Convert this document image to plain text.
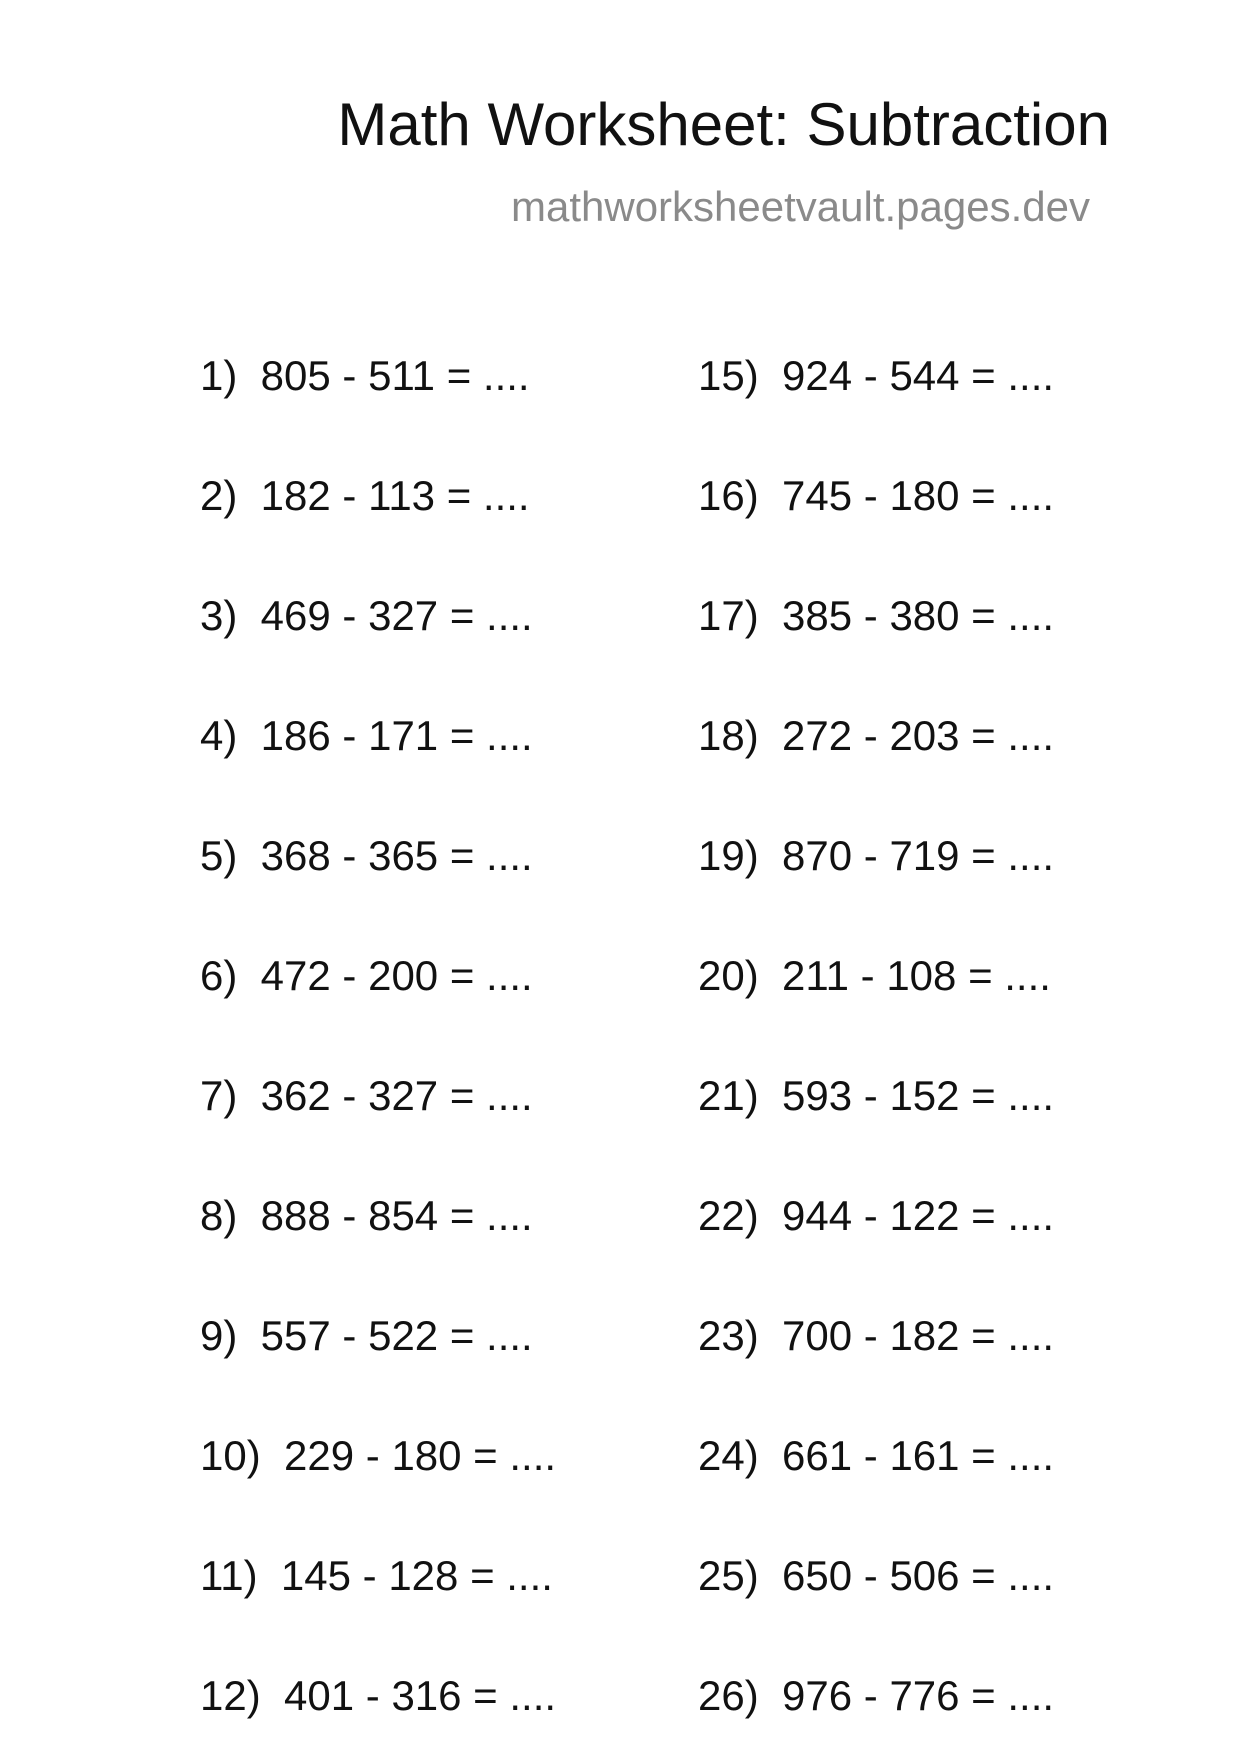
Math Worksheet: Subtraction
mathworksheetvault.pages.dev
1)  805 - 511 = ....
2)  182 - 113 = ....
3)  469 - 327 = ....
4)  186 - 171 = ....
5)  368 - 365 = ....
6)  472 - 200 = ....
7)  362 - 327 = ....
8)  888 - 854 = ....
9)  557 - 522 = ....
10)  229 - 180 = ....
11)  145 - 128 = ....
12)  401 - 316 = ....
15)  924 - 544 = ....
16)  745 - 180 = ....
17)  385 - 380 = ....
18)  272 - 203 = ....
19)  870 - 719 = ....
20)  211 - 108 = ....
21)  593 - 152 = ....
22)  944 - 122 = ....
23)  700 - 182 = ....
24)  661 - 161 = ....
25)  650 - 506 = ....
26)  976 - 776 = ....
